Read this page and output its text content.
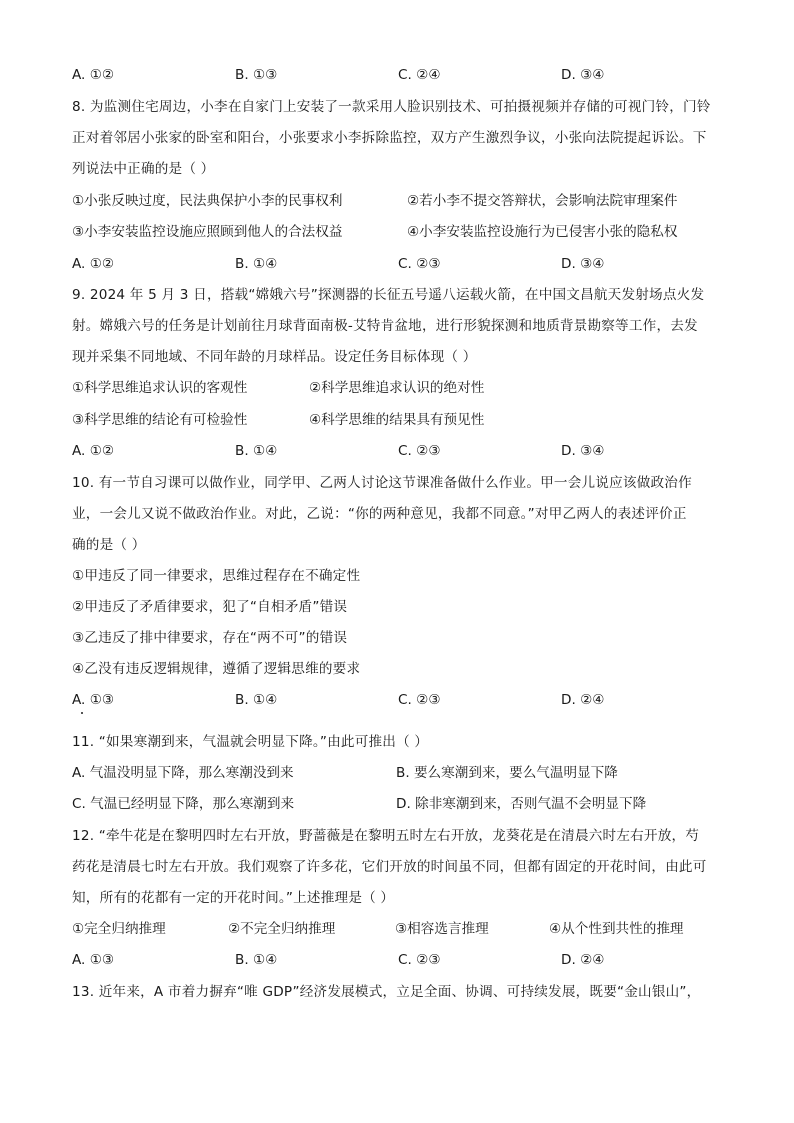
A. ①②	B. ①③	C. ②④	D. ③④
8. 为监测住宅周边，小李在自家门上安装了一款采用人脸识别技术、可拍摄视频并存储的可视门铃，门铃
正对着邻居小张家的卧室和阳台，小张要求小李拆除监控，双方产生激烈争议，小张向法院提起诉讼。下
列说法中正确的是（ ）
①小张反映过度，民法典保护小李的民事权利	②若小李不提交答辩状，会影响法院审理案件
③小李安装监控设施应照顾到他人的合法权益	④小李安装监控设施行为已侵害小张的隐私权
A. ①②	B. ①④	C. ②③	D. ③④
9. 2024 年 5 月 3 日，搭载“嫦娥六号”探测器的长征五号遥八运载火箭，在中国文昌航天发射场点火发
射。嫦娥六号的任务是计划前往月球背面南极-艾特肯盆地，进行形貌探测和地质背景勘察等工作，去发
现并采集不同地域、不同年龄的月球样品。设定任务目标体现（ ）
①科学思维追求认识的客观性	②科学思维追求认识的绝对性
③科学思维的结论有可检验性	④科学思维的结果具有预见性
A. ①②	B. ①④	C. ②③	D. ③④
10. 有一节自习课可以做作业，同学甲、乙两人讨论这节课准备做什么作业。甲一会儿说应该做政治作
业，一会儿又说不做政治作业。对此，乙说：“你的两种意见，我都不同意。”对甲乙两人的表述评价正
确的是（ ）
①甲违反了同一律要求，思维过程存在不确定性
②甲违反了矛盾律要求，犯了“自相矛盾”错误
③乙违反了排中律要求，存在“两不可”的错误
④乙没有违反逻辑规律，遵循了逻辑思维的要求
A. ①③	B. ①④	C. ②③	D. ②④
11. “如果寒潮到来，气温就会明显下降。”由此可推出（ ）
A. 气温没明显下降，那么寒潮没到来	B. 要么寒潮到来，要么气温明显下降
C. 气温已经明显下降，那么寒潮到来	D. 除非寒潮到来，否则气温不会明显下降
12. “牵牛花是在黎明四时左右开放，野蔷薇是在黎明五时左右开放，龙葵花是在清晨六时左右开放，芍
药花是清晨七时左右开放。我们观察了许多花，它们开放的时间虽不同，但都有固定的开花时间，由此可
知，所有的花都有一定的开花时间。”上述推理是（ ）
①完全归纳推理	②不完全归纳推理	③相容选言推理	④从个性到共性的推理
A. ①③	B. ①④	C. ②③	D. ②④
13. 近年来，A 市着力摒弃“唯 GDP”经济发展模式，立足全面、协调、可持续发展，既要“金山银山”，
